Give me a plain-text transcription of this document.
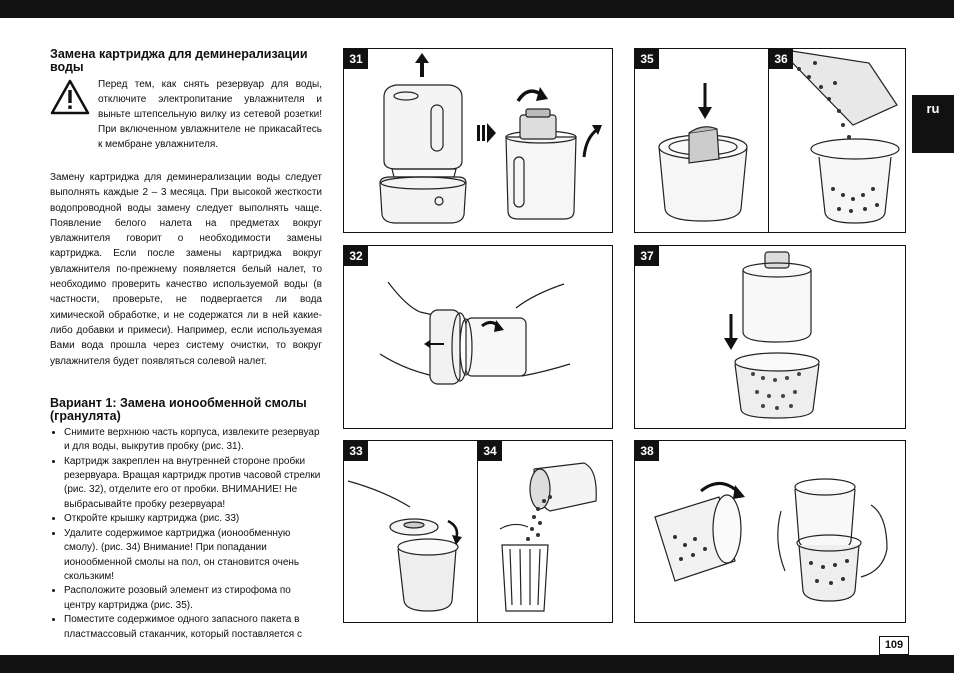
ru
109
Замена картриджа для деминерализации воды

Перед тем, как снять резервуар для воды, отключите электропитание увлажнителя и выньте штепсельную вилку из сетевой розетки! При включенном увлажнителе не прикасайтесь к мембране увлажнителя.

Замену картриджа для деминерализации воды следует выполнять каждые 2 – 3 месяца. При высокой жесткости водопроводной воды замену следует выполнять чаще. Появление белого налета на предметах вокруг увлажнителя говорит о необходимости замены картриджа. Если после замены картриджа вокруг увлажнителя по-прежнему появляется белый налет, то необходимо проверить качество используемой воды (в частности, проверьте, не подвергается ли вода химической обработке, и не содержатся ли в ней какие-либо добавки и примеси). Например, если используемая Вами вода прошла через систему очистки, то вокруг увлажнителя будет появляться солевой налет.

Вариант 1: Замена ионообменной смолы (гранулята)
• Снимите верхнюю часть корпуса, извлеките резервуар и для воды, выкрутив пробку (рис. 31).
• Картридж закреплен на внутренней стороне пробки резервуара. Вращая картридж против часовой стрелки (рис. 32), отделите его от пробки. ВНИМАНИЕ! Не выбрасывайте пробку резервуара!
• Откройте крышку картриджа (рис. 33)
• Удалите содержимое картриджа (ионообменную смолу). (рис. 34) Внимание! При попадании ионообменной смолы на пол, он становится очень скользким!
• Расположите розовый элемент из стирофома по центру картриджа (рис. 35).
• Поместите содержимое одного запасного пакета в пластмассовый стаканчик, который поставляется с
31	35	36
32	37
33	34	38
